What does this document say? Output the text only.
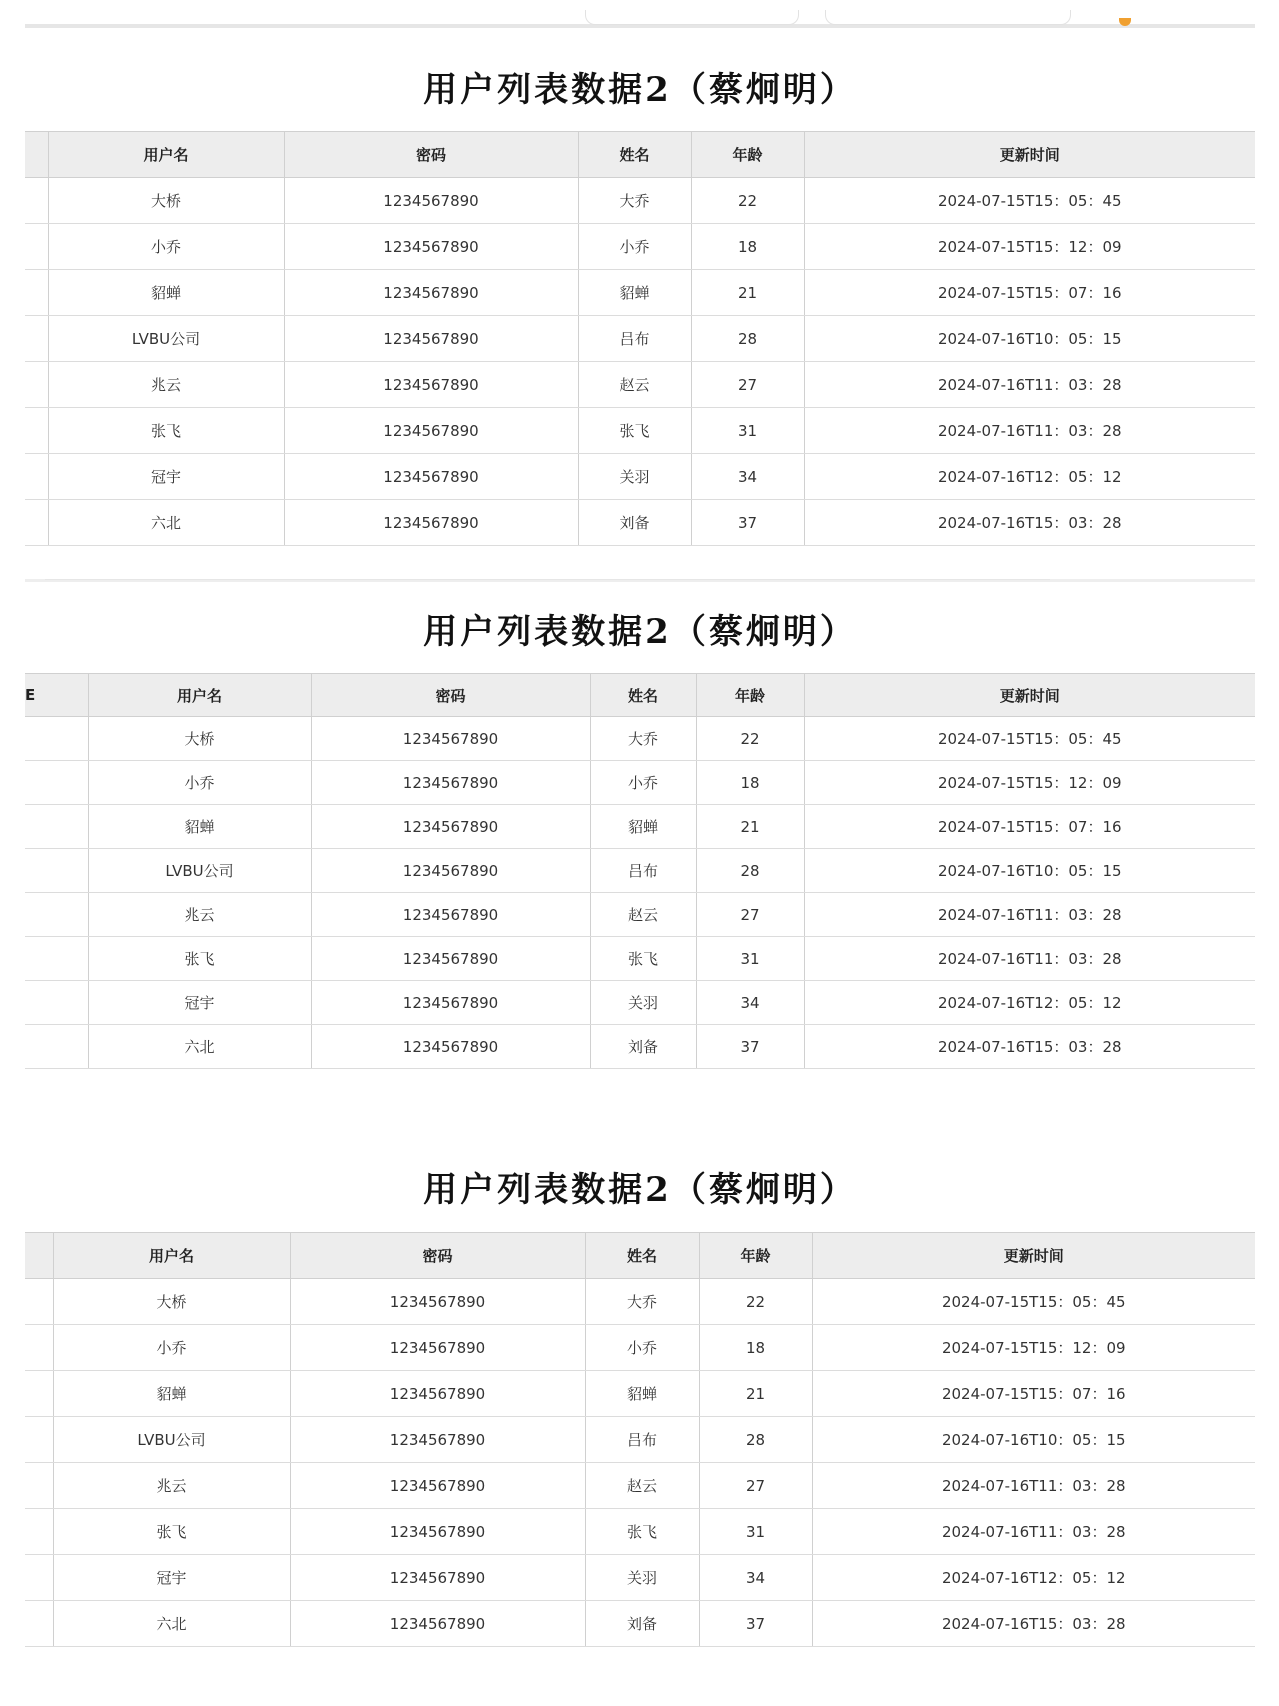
用户列表数据2（蔡炯明）
	用户名	密码	姓名	年龄	更新时间
	大桥	1234567890	大乔	22	2024-07-15T15：05：45
	小乔	1234567890	小乔	18	2024-07-15T15：12：09
	貂蝉	1234567890	貂蝉	21	2024-07-15T15：07：16
	LVBU公司	1234567890	吕布	28	2024-07-16T10：05：15
	兆云	1234567890	赵云	27	2024-07-16T11：03：28
	张飞	1234567890	张飞	31	2024-07-16T11：03：28
	冠宇	1234567890	关羽	34	2024-07-16T12：05：12
	六北	1234567890	刘备	37	2024-07-16T15：03：28
用户列表数据2（蔡炯明）
E	用户名	密码	姓名	年龄	更新时间
	大桥	1234567890	大乔	22	2024-07-15T15：05：45
	小乔	1234567890	小乔	18	2024-07-15T15：12：09
	貂蝉	1234567890	貂蝉	21	2024-07-15T15：07：16
	LVBU公司	1234567890	吕布	28	2024-07-16T10：05：15
	兆云	1234567890	赵云	27	2024-07-16T11：03：28
	张飞	1234567890	张飞	31	2024-07-16T11：03：28
	冠宇	1234567890	关羽	34	2024-07-16T12：05：12
	六北	1234567890	刘备	37	2024-07-16T15：03：28
用户列表数据2（蔡炯明）
	用户名	密码	姓名	年龄	更新时间
	大桥	1234567890	大乔	22	2024-07-15T15：05：45
	小乔	1234567890	小乔	18	2024-07-15T15：12：09
	貂蝉	1234567890	貂蝉	21	2024-07-15T15：07：16
	LVBU公司	1234567890	吕布	28	2024-07-16T10：05：15
	兆云	1234567890	赵云	27	2024-07-16T11：03：28
	张飞	1234567890	张飞	31	2024-07-16T11：03：28
	冠宇	1234567890	关羽	34	2024-07-16T12：05：12
	六北	1234567890	刘备	37	2024-07-16T15：03：28
